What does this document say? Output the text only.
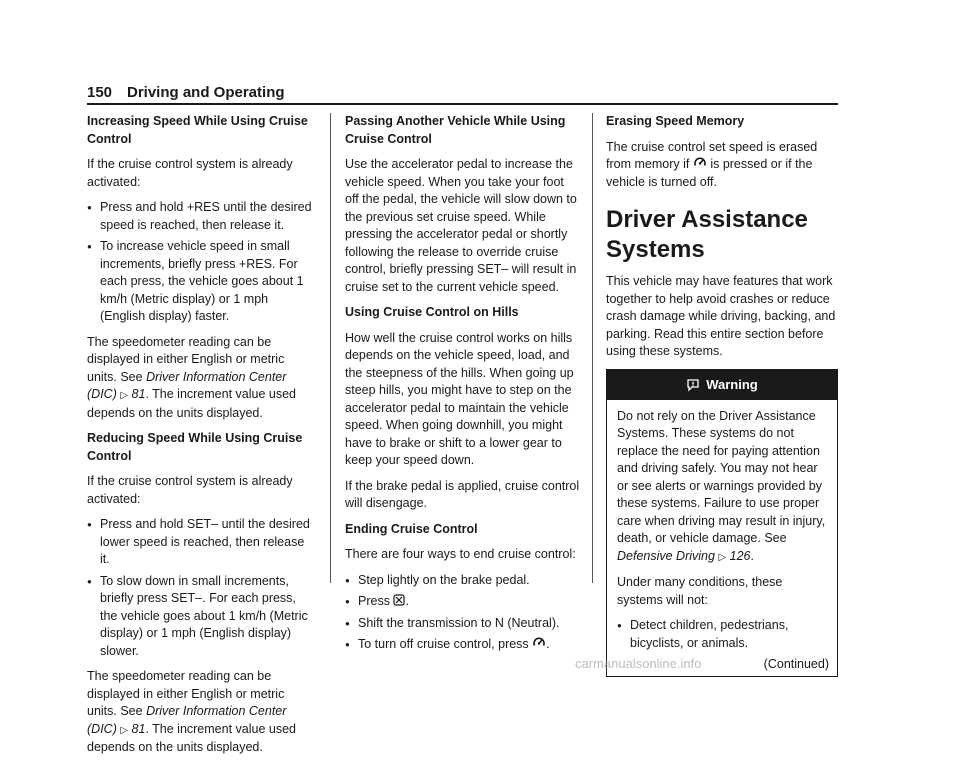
150 Driving and Operating

Increasing Speed While Using Cruise Control

If the cruise control system is already activated:

● Press and hold +RES until the desired speed is reached, then release it.
● To increase vehicle speed in small increments, briefly press +RES. For each press, the vehicle goes about 1 km/h (Metric display) or 1 mph (English display) faster.

The speedometer reading can be displayed in either English or metric units. See Driver Information Center (DIC) ▷ 81. The increment value used depends on the units displayed.

Reducing Speed While Using Cruise Control

If the cruise control system is already activated:

● Press and hold SET– until the desired lower speed is reached, then release it.
● To slow down in small increments, briefly press SET–. For each press, the vehicle goes about 1 km/h (Metric display) or 1 mph (English display) slower.

The speedometer reading can be displayed in either English or metric units. See Driver Information Center (DIC) ▷ 81. The increment value used depends on the units displayed.

Passing Another Vehicle While Using Cruise Control

Use the accelerator pedal to increase the vehicle speed. When you take your foot off the pedal, the vehicle will slow down to the previous set cruise speed. While pressing the accelerator pedal or shortly following the release to override cruise control, briefly pressing SET– will result in cruise set to the current vehicle speed.

Using Cruise Control on Hills

How well the cruise control works on hills depends on the vehicle speed, load, and the steepness of the hills. When going up steep hills, you might have to step on the accelerator pedal to maintain the vehicle speed. When going downhill, you might have to brake or shift to a lower gear to keep your speed down.

If the brake pedal is applied, cruise control will disengage.

Ending Cruise Control

There are four ways to end cruise control:

● Step lightly on the brake pedal.
● Press .
● Shift the transmission to N (Neutral).
● To turn off cruise control, press .

Erasing Speed Memory

The cruise control set speed is erased from memory if is pressed or if the vehicle is turned off.

Driver Assistance Systems

This vehicle may have features that work together to help avoid crashes or reduce crash damage while driving, backing, and parking. Read this entire section before using these systems.

Warning

Do not rely on the Driver Assistance Systems. These systems do not replace the need for paying attention and driving safely. You may not hear or see alerts or warnings provided by these systems. Failure to use proper care when driving may result in injury, death, or vehicle damage. See Defensive Driving ▷ 126.

Under many conditions, these systems will not:

● Detect children, pedestrians, bicyclists, or animals.

(Continued)

carmanualsonline.info
